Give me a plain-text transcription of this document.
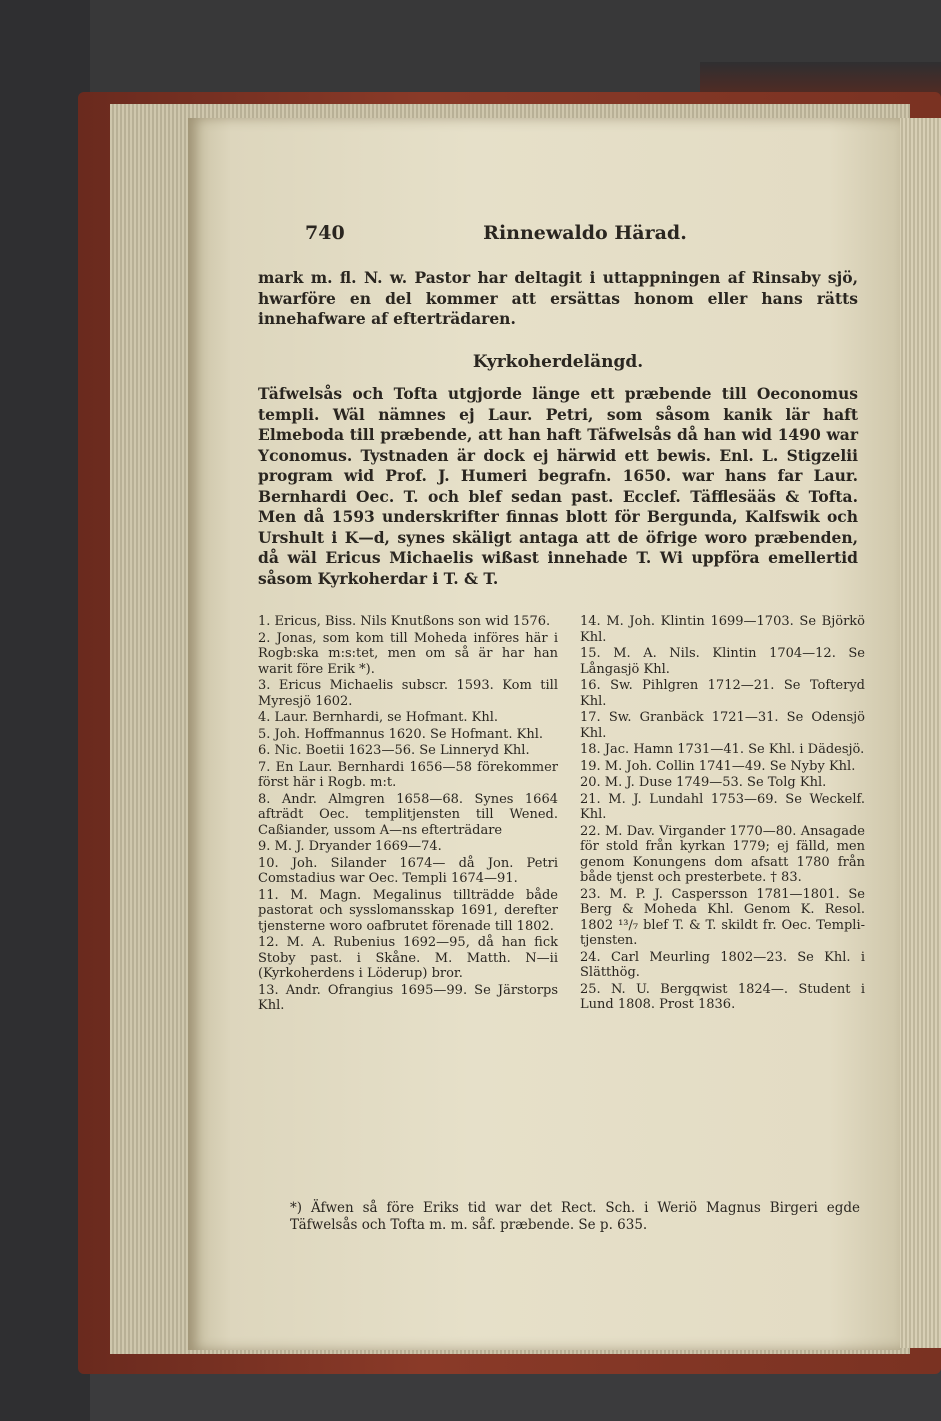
740	Rinnewaldo Härad.
mark m. fl. N. w. Pastor har deltagit i uttappningen af Rinsaby sjö, hwarföre en del kommer att ersättas honom eller hans rätts innehafware af efterträdaren.
Kyrkoherdelängd.
Täfwelsås och Tofta utgjorde länge ett præbende till Oeconomus templi. Wäl nämnes ej Laur. Petri, som såsom kanik lär haft Elmeboda till præbende, att han haft Täfwelsås då han wid 1490 war Yconomus. Tystnaden är dock ej härwid ett bewis. Enl. L. Stigzelii program wid Prof. J. Humeri begrafn. 1650. war hans far Laur. Bernhardi Oec. T. och blef sedan past. Ecclef. Täfflesääs & Tofta. Men då 1593 underskrifter finnas blott för Bergunda, Kalfswik och Urshult i K—d, synes skäligt antaga att de öfrige woro præbenden, då wäl Ericus Michaelis wißast innehade T. Wi uppföra emellertid såsom Kyrkoherdar i T. & T.
1. Ericus, Biss. Nils Knutßons son wid 1576.
2. Jonas, som kom till Moheda införes här i Rogb:ska m:s:tet, men om så är har han warit före Erik *).
3. Ericus Michaelis subscr. 1593. Kom till Myresjö 1602.
4. Laur. Bernhardi, se Hofmant. Khl.
5. Joh. Hoffmannus 1620. Se Hofmant. Khl.
6. Nic. Boetii 1623—56. Se Linneryd Khl.
7. En Laur. Bernhardi 1656—58 förekommer först här i Rogb. m:t.
8. Andr. Almgren 1658—68. Synes 1664 afträdt Oec. templitjensten till Wened. Caßiander, ussom A—ns efterträdare
9. M. J. Dryander 1669—74.
10. Joh. Silander 1674— då Jon. Petri Comstadius war Oec. Templi 1674—91.
11. M. Magn. Megalinus tillträdde både pastorat och sysslomansskap 1691, derefter tjensterne woro oafbrutet förenade till 1802.
12. M. A. Rubenius 1692—95, då han fick Stoby past. i Skåne. M. Matth. N—ii (Kyrkoherdens i Löderup) bror.
13. Andr. Ofrangius 1695—99. Se Järstorps Khl.
14. M. Joh. Klintin 1699—1703. Se Björkö Khl.
15. M. A. Nils. Klintin 1704—12. Se Långasjö Khl.
16. Sw. Pihlgren 1712—21. Se Tofteryd Khl.
17. Sw. Granbäck 1721—31. Se Odensjö Khl.
18. Jac. Hamn 1731—41. Se Khl. i Dädesjö.
19. M. Joh. Collin 1741—49. Se Nyby Khl.
20. M. J. Duse 1749—53. Se Tolg Khl.
21. M. J. Lundahl 1753—69. Se Weckelf. Khl.
22. M. Dav. Virgander 1770—80. Ansagade för stold från kyrkan 1779; ej fälld, men genom Konungens dom afsatt 1780 från både tjenst och presterbete. † 83.
23. M. P. J. Caspersson 1781—1801. Se Berg & Moheda Khl. Genom K. Resol. 1802 ¹³/₇ blef T. & T. skildt fr. Oec. Templi-tjensten.
24. Carl Meurling 1802—23. Se Khl. i Slätthög.
25. N. U. Bergqwist 1824—. Student i Lund 1808. Prost 1836.
*) Äfwen så före Eriks tid war det Rect. Sch. i Weriö Magnus Birgeri egde Täfwelsås och Tofta m. m. såf. præbende. Se p. 635.
